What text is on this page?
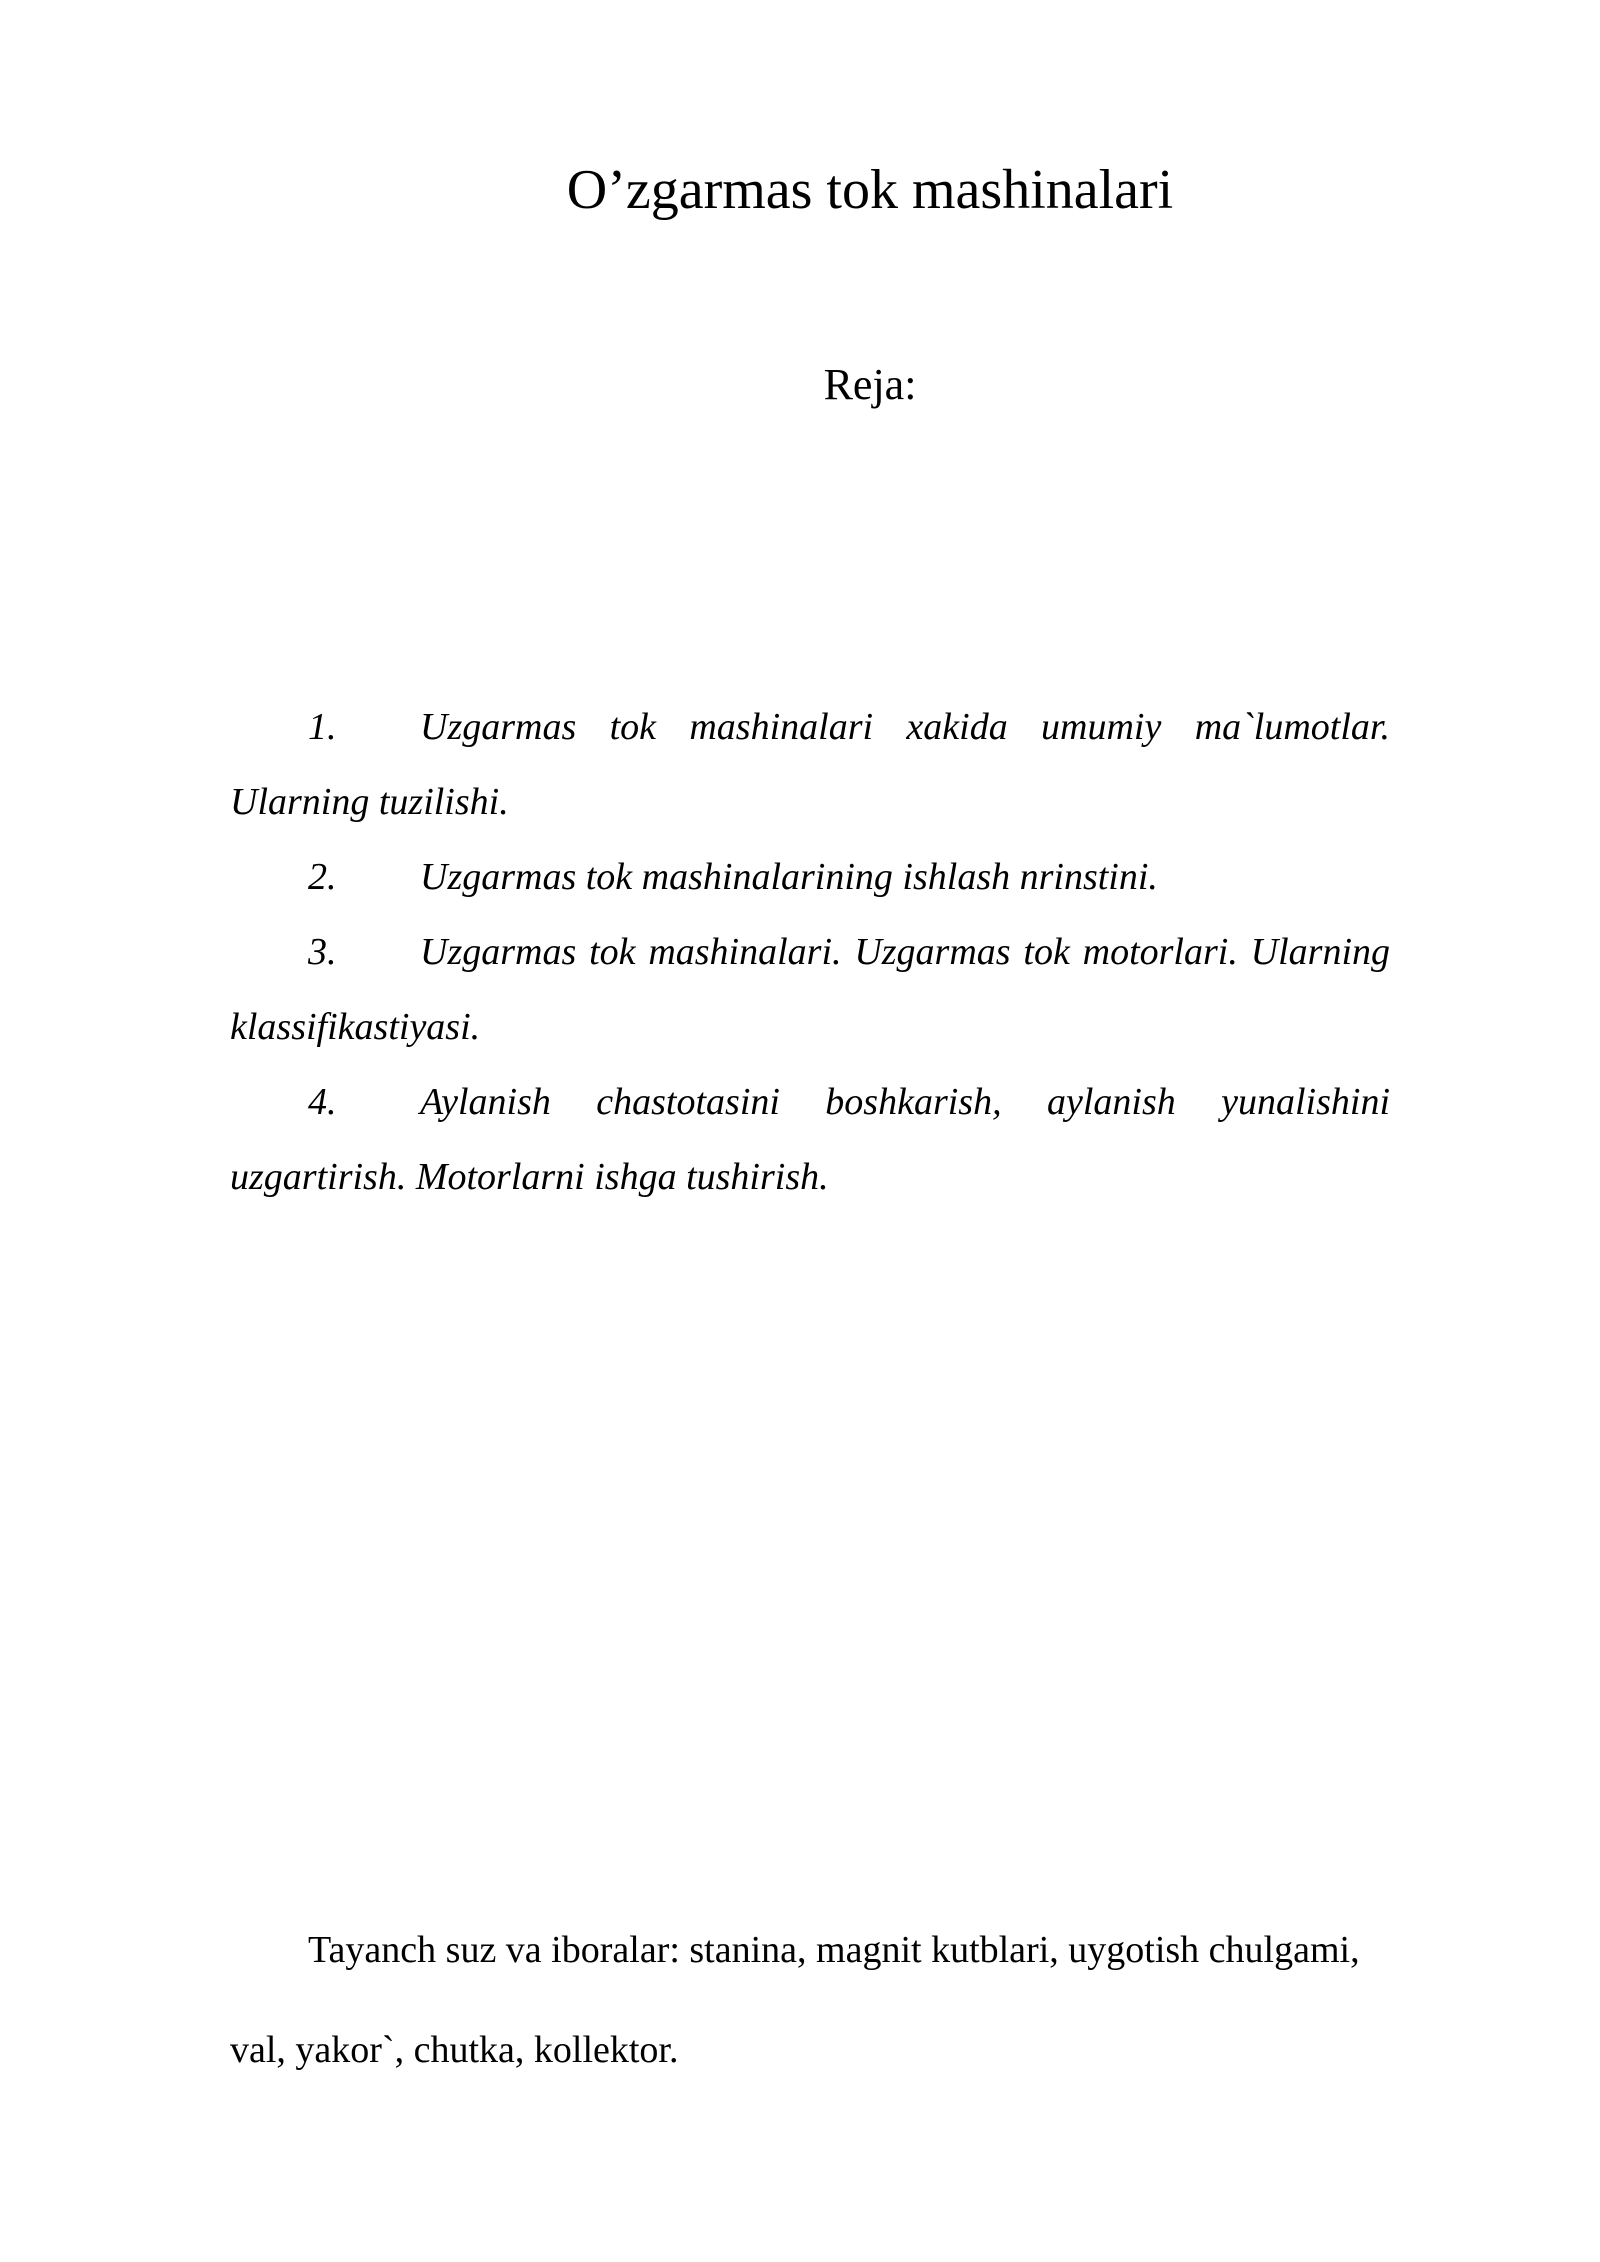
O’zgarmas tok mashinalari
Reja:
1. Uzgarmas tok mashinalari xakida umumiy ma`lumotlar. Ularning tuzilishi.
2. Uzgarmas tok mashinalarining ishlash nrinstini.
3. Uzgarmas tok mashinalari. Uzgarmas tok motorlari. Ularning klassifikastiyasi.
4. Aylanish chastotasini boshkarish, aylanish yunalishini uzgartirish. Motorlarni ishga tushirish.
Tayanch suz va iboralar: stanina, magnit kutblari, uygotish chulgami, val, yakor`, chutka, kollektor.
